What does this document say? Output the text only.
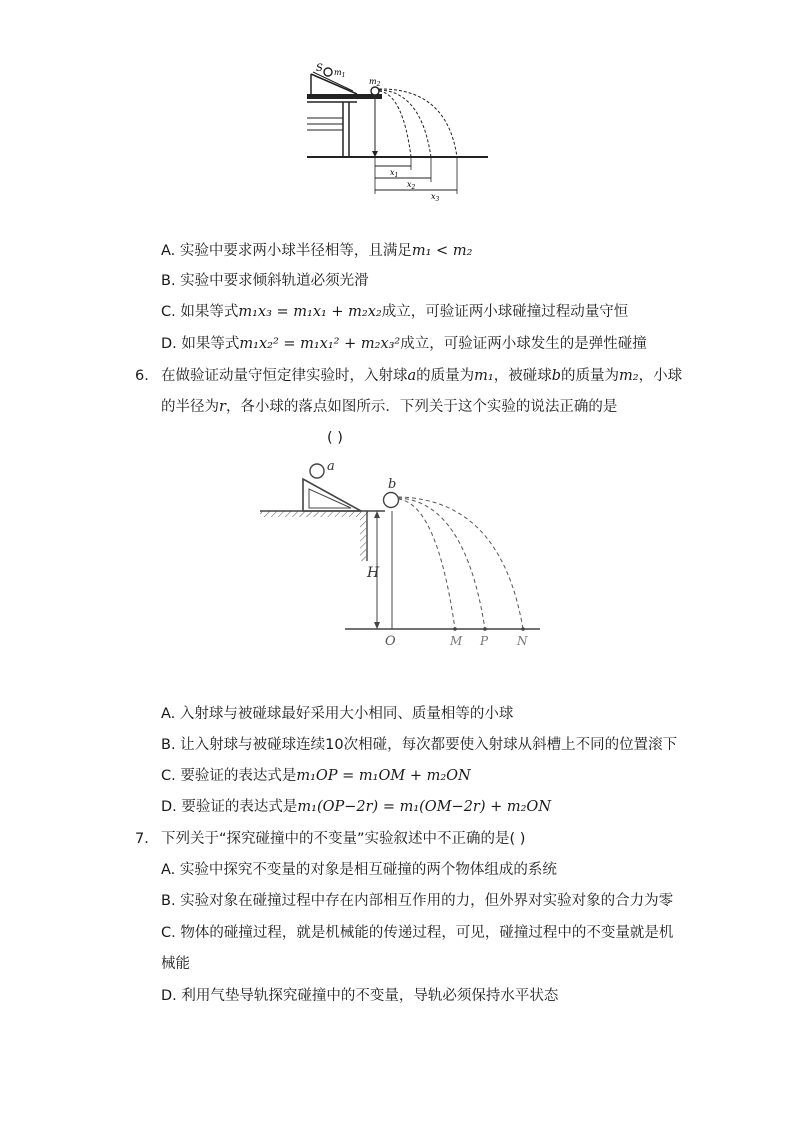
S $m_1$
$m_2$
$x_1$
$x_2$
$x_3$
A. 实验中要求两小球半径相等，且满足m₁ < m₂
B. 实验中要求倾斜轨道必须光滑
C. 如果等式m₁x₃ = m₁x₁ + m₂x₂成立，可验证两小球碰撞过程动量守恒
D. 如果等式m₁x₂² = m₁x₁² + m₂x₃²成立，可验证两小球发生的是弹性碰撞
6. 在做验证动量守恒定律实验时，入射球a的质量为m₁，被碰球b的质量为m₂，小球
的半径为r，各小球的落点如图所示．下列关于这个实验的说法正确的是
( )
a
b
H
O	M P N
A. 入射球与被碰球最好采用大小相同、质量相等的小球
B. 让入射球与被碰球连续10次相碰，每次都要使入射球从斜槽上不同的位置滚下
C. 要验证的表达式是m₁OP = m₁OM + m₂ON
D. 要验证的表达式是m₁(OP−2r) = m₁(OM−2r) + m₂ON
7. 下列关于“探究碰撞中的不变量”实验叙述中不正确的是( )
A. 实验中探究不变量的对象是相互碰撞的两个物体组成的系统
B. 实验对象在碰撞过程中存在内部相互作用的力，但外界对实验对象的合力为零
C. 物体的碰撞过程，就是机械能的传递过程，可见，碰撞过程中的不变量就是机
械能
D. 利用气垫导轨探究碰撞中的不变量，导轨必须保持水平状态
